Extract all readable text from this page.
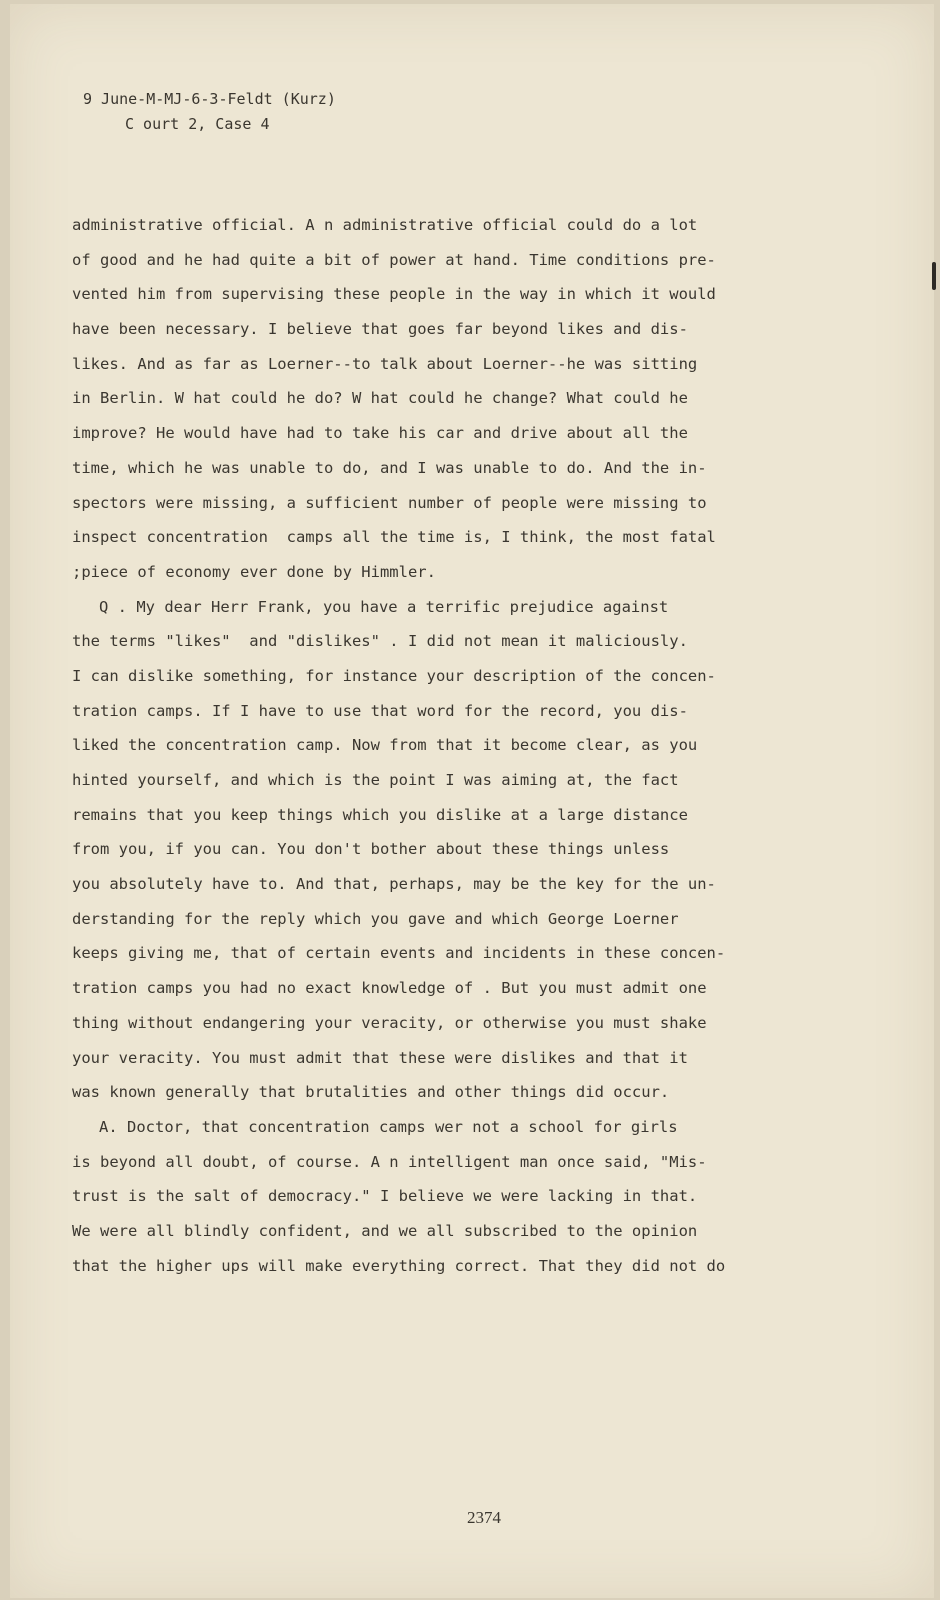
9 June-M-MJ-6-3-Feldt (Kurz)
C ourt 2, Case 4
administrative official. A n administrative official could do a lot
of good and he had quite a bit of power at hand. Time conditions pre-
vented him from supervising these people in the way in which it would
have been necessary. I believe that goes far beyond likes and dis-
likes. And as far as Loerner--to talk about Loerner--he was sitting
in Berlin. W hat could he do? W hat could he change? What could he
improve? He would have had to take his car and drive about all the
time, which he was unable to do, and I was unable to do. And the in-
spectors were missing, a sufficient number of people were missing to
inspect concentration  camps all the time is, I think, the most fatal
;piece of economy ever done by Himmler.
Q . My dear Herr Frank, you have a terrific prejudice against
the terms "likes"  and "dislikes" . I did not mean it maliciously.
I can dislike something, for instance your description of the concen-
tration camps. If I have to use that word for the record, you dis-
liked the concentration camp. Now from that it become clear, as you
hinted yourself, and which is the point I was aiming at, the fact
remains that you keep things which you dislike at a large distance
from you, if you can. You don't bother about these things unless
you absolutely have to. And that, perhaps, may be the key for the un-
derstanding for the reply which you gave and which George Loerner
keeps giving me, that of certain events and incidents in these concen-
tration camps you had no exact knowledge of . But you must admit one
thing without endangering your veracity, or otherwise you must shake
your veracity. You must admit that these were dislikes and that it
was known generally that brutalities and other things did occur.
A. Doctor, that concentration camps wer not a school for girls
is beyond all doubt, of course. A n intelligent man once said, "Mis-
trust is the salt of democracy." I believe we were lacking in that.
We were all blindly confident, and we all subscribed to the opinion
that the higher ups will make everything correct. That they did not do
2374
